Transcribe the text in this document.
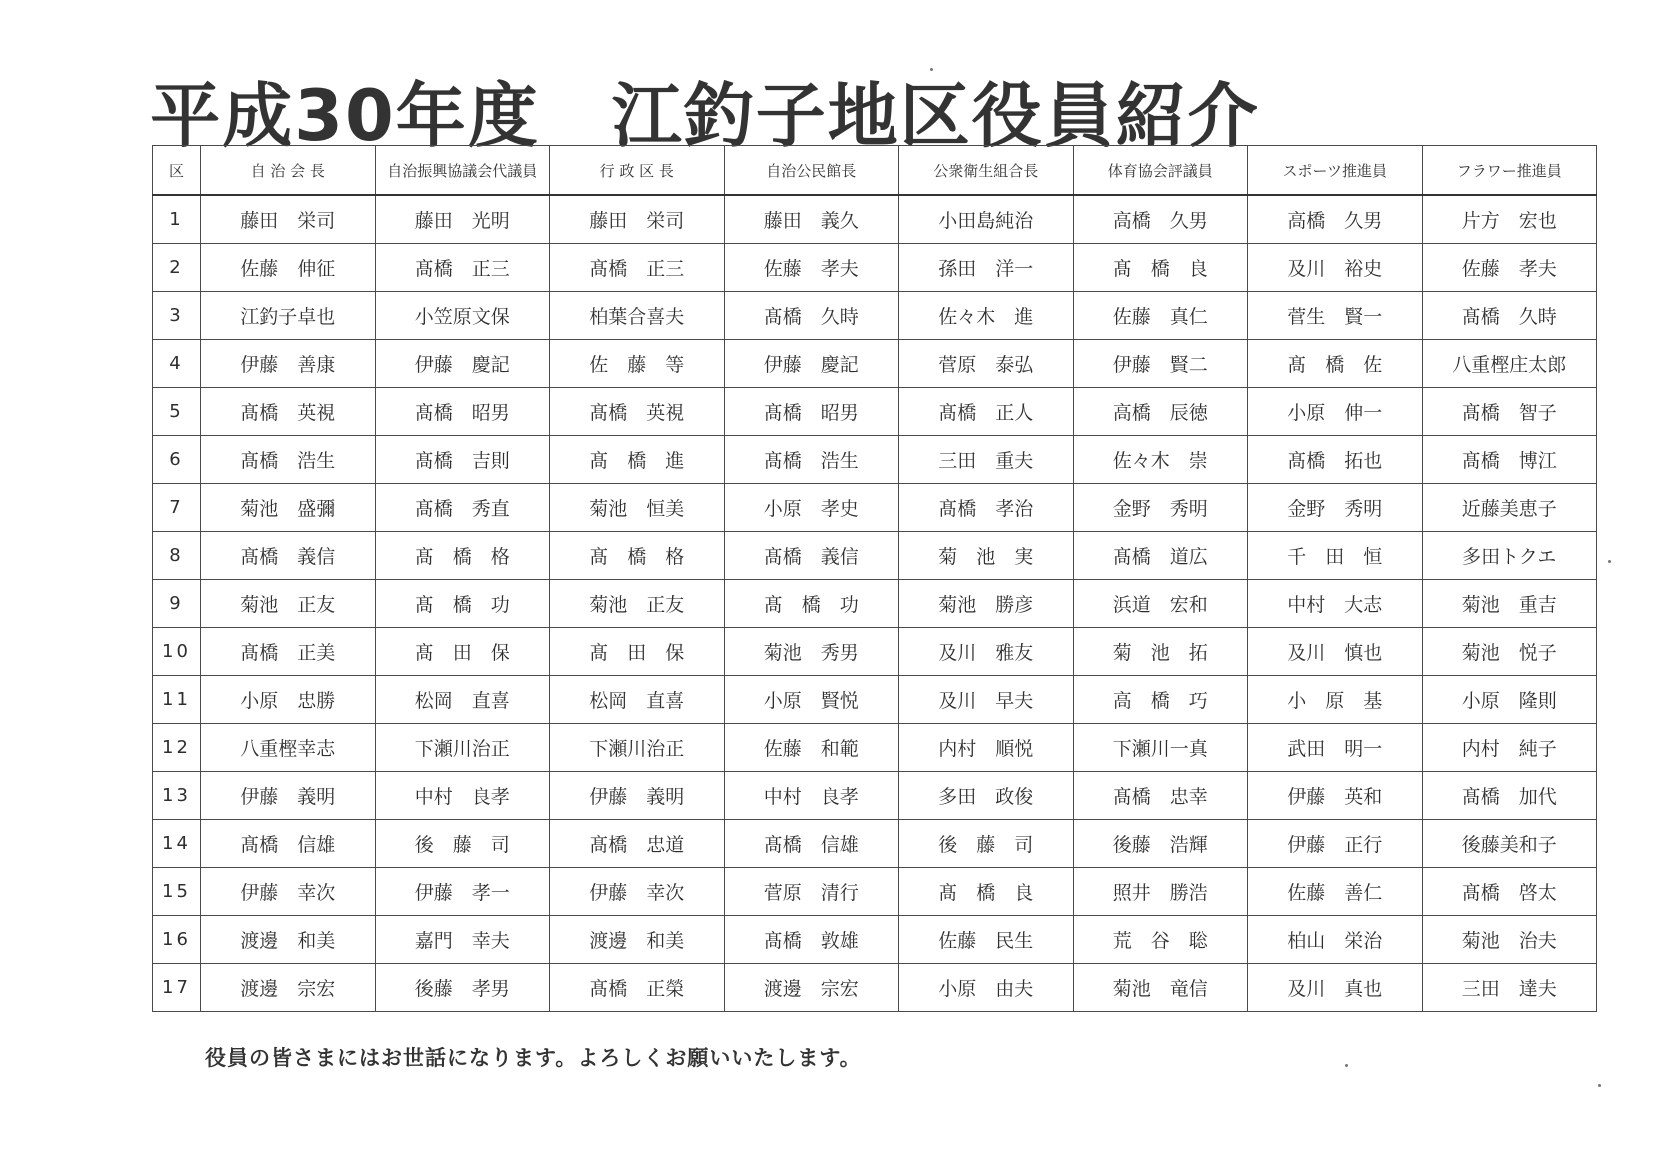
平成30年度　江釣子地区役員紹介
区	自 治 会 長	自治振興協議会代議員	行 政 区 長	自治公民館長	公衆衛生組合長	体育協会評議員	スポーツ推進員	フラワー推進員
1	藤田　栄司	藤田　光明	藤田　栄司	藤田　義久	小田島純治	高橋　久男	高橋　久男	片方　宏也
2	佐藤　伸征	髙橋　正三	髙橋　正三	佐藤　孝夫	孫田　洋一	髙　橋　良	及川　裕史	佐藤　孝夫
3	江釣子卓也	小笠原文保	柏葉合喜夫	髙橋　久時	佐々木　進	佐藤　真仁	菅生　賢一	髙橋　久時
4	伊藤　善康	伊藤　慶記	佐　藤　等	伊藤　慶記	菅原　泰弘	伊藤　賢二	髙　橋　佐	八重樫庄太郎
5	髙橋　英視	髙橋　昭男	髙橋　英視	髙橋　昭男	髙橋　正人	高橋　辰徳	小原　伸一	髙橋　智子
6	髙橋　浩生	髙橋　吉則	髙　橋　進	髙橋　浩生	三田　重夫	佐々木　崇	髙橋　拓也	髙橋　博江
7	菊池　盛彌	髙橋　秀直	菊池　恒美	小原　孝史	髙橋　孝治	金野　秀明	金野　秀明	近藤美恵子
8	髙橋　義信	髙　橋　格	髙　橋　格	髙橋　義信	菊　池　実	髙橋　道広	千　田　恒	多田トクエ
9	菊池　正友	髙　橋　功	菊池　正友	髙　橋　功	菊池　勝彦	浜道　宏和	中村　大志	菊池　重吉
10	髙橋　正美	髙　田　保	髙　田　保	菊池　秀男	及川　雅友	菊　池　拓	及川　慎也	菊池　悦子
11	小原　忠勝	松岡　直喜	松岡　直喜	小原　賢悦	及川　早夫	高　橋　巧	小　原　基	小原　隆則
12	八重樫幸志	下瀬川治正	下瀬川治正	佐藤　和範	内村　順悦	下瀬川一真	武田　明一	内村　純子
13	伊藤　義明	中村　良孝	伊藤　義明	中村　良孝	多田　政俊	髙橋　忠幸	伊藤　英和	髙橋　加代
14	髙橋　信雄	後　藤　司	髙橋　忠道	髙橋　信雄	後　藤　司	後藤　浩輝	伊藤　正行	後藤美和子
15	伊藤　幸次	伊藤　孝一	伊藤　幸次	菅原　清行	髙　橋　良	照井　勝浩	佐藤　善仁	髙橋　啓太
16	渡邊　和美	嘉門　幸夫	渡邊　和美	髙橋　敦雄	佐藤　民生	荒　谷　聡	柏山　栄治	菊池　治夫
17	渡邊　宗宏	後藤　孝男	髙橋　正榮	渡邊　宗宏	小原　由夫	菊池　竜信	及川　真也	三田　達夫
役員の皆さまにはお世話になります。よろしくお願いいたします。
